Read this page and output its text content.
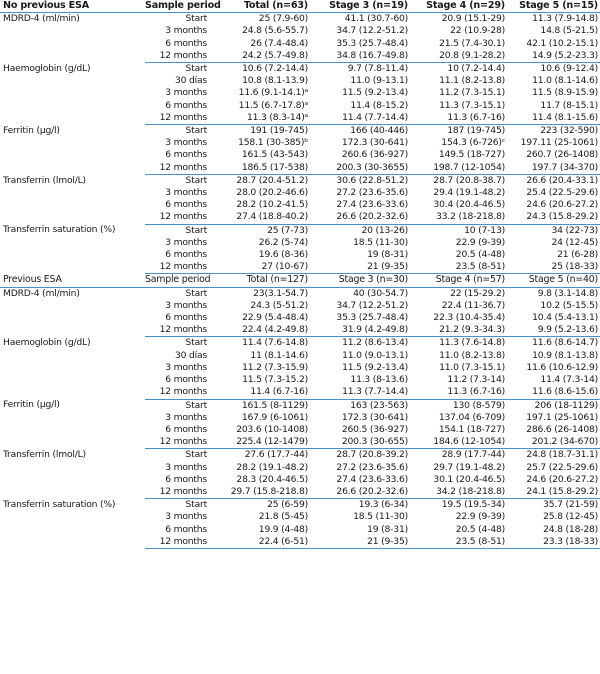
No previous ESA	Sample period	Total (n=63)	Stage 3 (n=19)	Stage 4 (n=29)	Stage 5 (n=15)
MDRD-4 (ml/min)	Start	25 (7.9-60)	41.1 (30.7-60)	20.9 (15.1-29)	11.3 (7.9-14.8)
	3 months	24.8 (5.6-55.7)	34.7 (12.2-51.2)	22 (10.9-28)	14.8 (5-21.5)
	6 months	26 (7.4-48.4)	35.3 (25.7-48.4)	21.5 (7.4-30.1)	42.1 (10.2-15.1)
	12 months	24.2 (5.7-49.8)	34.8 (16.7-49.8)	20.8 (9.1-28.2)	14.9 (5.2-23.3)
Haemoglobin (g/dL)	Start	10.6 (7.2-14.4)	9.7 (7.8-11.4)	10 (7.2-14.4)	10.6 (9-12.4)
	30 días	10.8 (8.1-13.9)	11.0 (9-13.1)	11.1 (8.2-13.8)	11.0 (8.1-14.6)
	3 months	11.6 (9.1-14.1)ᵃ	11.5 (9.2-13.4)	11.2 (7.3-15.1)	11.5 (8.9-15.9)
	6 months	11.5 (6.7-17.8)ᵃ	11.4 (8-15.2)	11.3 (7.3-15.1)	11.7 (8-15.1)
	12 months	11.3 (8.3-14)ᵃ	11.4 (7.7-14.4)	11.3 (6.7-16)	11.4 (8.1-15.6)
Ferritin (µg/l)	Start	191 (19-745)	166 (40-446)	187 (19-745)	223 (32-590)
	3 months	158.1 (30-385)ᵇ	172.3 (30-641)	154.3 (6-726)ᶜ	197.11 (25-1061)
	6 months	161.5 (43-543)	260.6 (36-927)	149.5 (18-727)	260.7 (26-1408)
	12 months	186.5 (17-538)	200.3 (30-3655)	198.7 (12-1054)	197.7 (34-370)
Transferrin (lmol/L)	Start	28.7 (20.4-51.2)	30.6 (22.8-51.2)	28.7 (20.8-38.7)	26.6 (20.4-33.1)
	3 months	28.0 (20.2-46.6)	27.2 (23.6-35.6)	29.4 (19.1-48.2)	25.4 (22.5-29.6)
	6 months	28.2 (10.2-41.5)	27.4 (23.6-33.6)	30.4 (20.4-46.5)	24.6 (20.6-27.2)
	12 months	27.4 (18.8-40.2)	26.6 (20.2-32.6)	33.2 (18-218.8)	24.3 (15.8-29.2)
Transferrin saturation (%)	Start	25 (7-73)	20 (13-26)	10 (7-13)	34 (22-73)
	3 months	26.2 (5-74)	18.5 (11-30)	22.9 (9-39)	24 (12-45)
	6 months	19.6 (8-36)	19 (8-31)	20.5 (4-48)	21 (6-28)
	12 months	27 (10-67)	21 (9-35)	23.5 (8-51)	25 (18-33)
Previous ESA	Sample period	Total (n=127)	Stage 3 (n=30)	Stage 4 (n=57)	Stage 5 (n=40)
MDRD-4 (ml/min)	Start	23(3.1-54.7)	40 (30-54.7)	22 (15-29.2)	9.8 (3.1-14.8)
	3 months	24.3 (5-51.2)	34.7 (12.2-51.2)	22.4 (11-36.7)	10.2 (5-15.5)
	6 months	22.9 (5.4-48.4)	35.3 (25.7-48.4)	22.3 (10.4-35.4)	10.4 (5.4-13.1)
	12 months	22.4 (4.2-49.8)	31.9 (4.2-49.8)	21.2 (9.3-34.3)	9.9 (5.2-13.6)
Haemoglobin (g/dL)	Start	11.4 (7.6-14.8)	11.2 (8.6-13.4)	11.3 (7.6-14.8)	11.6 (8.6-14.7)
	30 días	11 (8.1-14.6)	11.0 (9.0-13.1)	11.0 (8.2-13.8)	10.9 (8.1-13.8)
	3 months	11.2 (7.3-15.9)	11.5 (9.2-13.4)	11.0 (7.3-15.1)	11.6 (10.6-12.9)
	6 months	11.5 (7.3-15.2)	11.3 (8-13.6)	11.2 (7.3-14)	11.4 (7.3-14)
	12 months	11.4 (6.7-16)	11.3 (7.7-14.4)	11.3 (6.7-16)	11.6 (8.6-15.6)
Ferritin (µg/l)	Start	161.5 (8-1129)	163 (23-563)	130 (8-579)	206 (18-1129)
	3 months	167.9 (6-1061)	172.3 (30-641)	137.04 (6-709)	197.1 (25-1061)
	6 months	203.6 (10-1408)	260.5 (36-927)	154.1 (18-727)	286.6 (26-1408)
	12 months	225.4 (12-1479)	200.3 (30-655)	184.6 (12-1054)	201.2 (34-670)
Transferrin (lmol/L)	Start	27.6 (17.7-44)	28.7 (20.8-39.2)	28.9 (17.7-44)	24.8 (18.7-31.1)
	3 months	28.2 (19.1-48.2)	27.2 (23.6-35.6)	29.7 (19.1-48.2)	25.7 (22.5-29.6)
	6 months	28.3 (20.4-46.5)	27.4 (23.6-33.6)	30.1 (20.4-46.5)	24.6 (20.6-27.2)
	12 months	29.7 (15.8-218.8)	26.6 (20.2-32.6)	34.2 (18-218.8)	24.1 (15.8-29.2)
Transferrin saturation (%)	Start	25 (6-59)	19.3 (6-34)	19.5 (19.5-34)	35.7 (21-59)
	3 months	21.8 (5-45)	18.5 (11-30)	22.9 (9-39)	25.8 (12-45)
	6 months	19.9 (4-48)	19 (8-31)	20.5 (4-48)	24.8 (18-28)
	12 months	22.4 (6-51)	21 (9-35)	23.5 (8-51)	23.3 (18-33)
